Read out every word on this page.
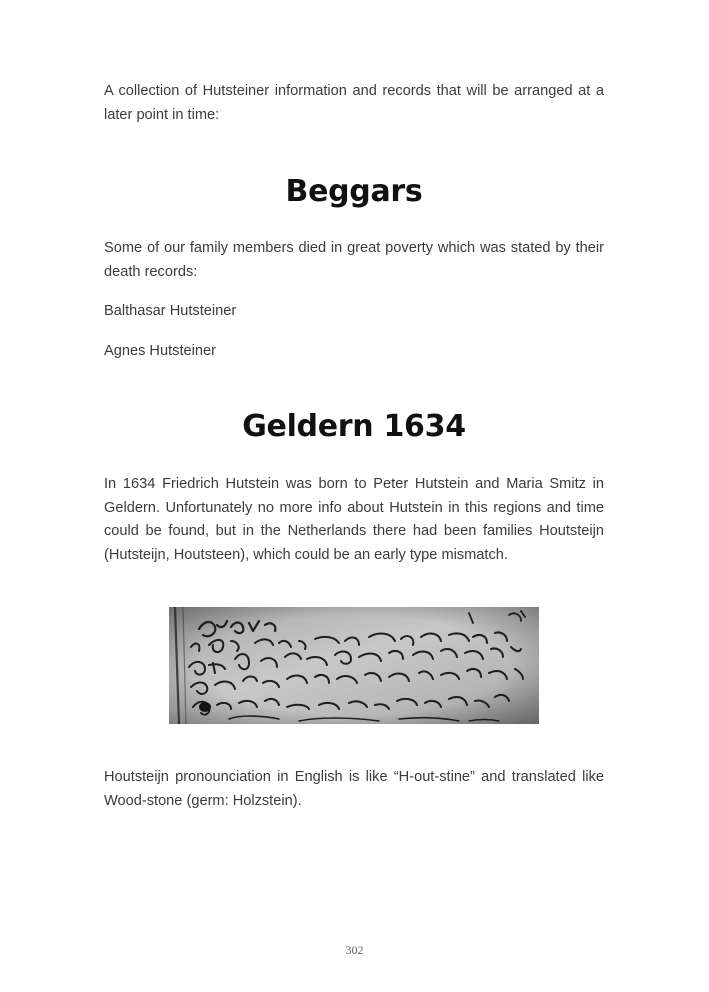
A collection of Hutsteiner information and records that will be arranged at a later point in time:

Beggars

Some of our family members died in great poverty which was stated by their death records:

Balthasar Hutsteiner

Agnes Hutsteiner

Geldern 1634

In 1634 Friedrich Hutstein was born to Peter Hutstein and Maria Smitz in Geldern. Unfortunately no more info about Hutstein in this regions and time could be found, but in the Netherlands there had been families Houtsteijn (Hutsteijn, Houtsteen), which could be an early type mismatch.

Houtsteijn pronounciation in English is like “H-out-stine” and translated like Wood-stone (germ: Holzstein).

302
